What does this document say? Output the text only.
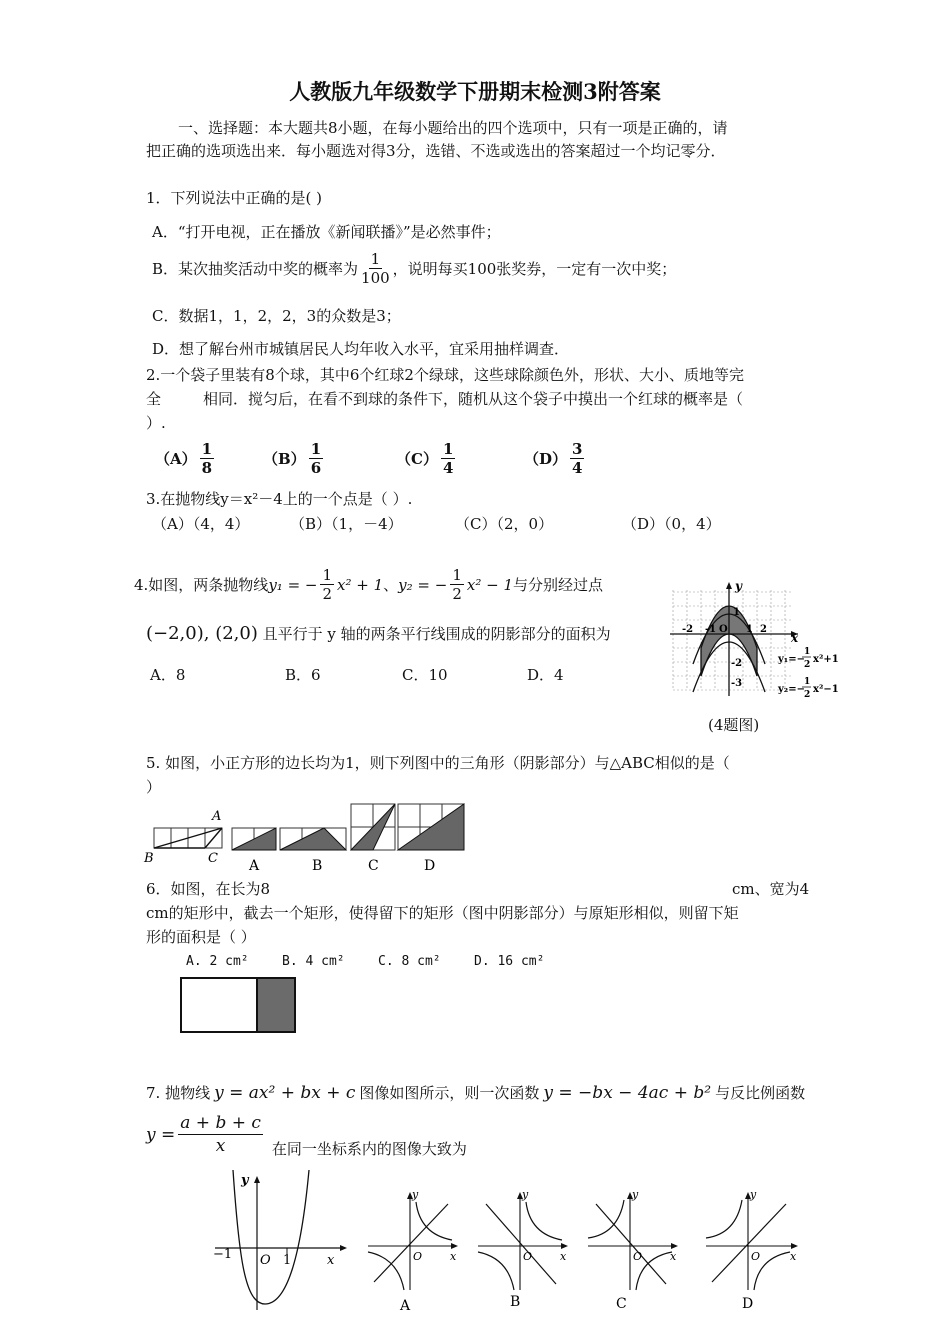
人教版九年级数学下册期末检测3附答案
一、选择题：本大题共8小题，在每小题给出的四个选项中，只有一项是正确的，请
把正确的选项选出来．每小题选对得3分，选错、不选或选出的答案超过一个均记零分．
1．下列说法中正确的是( )
A．“打开电视，正在播放《新闻联播》”是必然事件；
B．某次抽奖活动中奖的概率为 $\frac{1}{100}$ ，说明每买100张奖券，一定有一次中奖；
C．数据1，1，2，2，3的众数是3；
D．想了解台州市城镇居民人均年收入水平，宜采用抽样调查．
2.一个袋子里装有8个球，其中6个红球2个绿球，这些球除颜色外，形状、大小、质地等完
全	相同．搅匀后，在看不到球的条件下，随机从这个袋子中摸出一个红球的概率是（
）.
$(A) \frac{1}{8}$	$(B) \frac{1}{6}$	$(C) \frac{1}{4}$	$(D) \frac{3}{4}$
3.在抛物线y＝x²－4上的一个点是（ ）.
（A）（4，4）	（B）（1，－4）	（C）（2，0）	（D）（0，4）
4.如图，两条抛物线 y₁ = − $\frac{1}{2} x^2 + 1$ 、 y₂ = − $\frac{1}{2} x^2 - 1$ 与分别经过点
(−2,0), (2,0) 且平行于 y 轴的两条平行线围成的阴影部分的面积为
A．8	B．6	C．10	D．4
-2 -1 O 1 2
1
-2
-3
x
y
y₁=−
1
2 x²+1
y₂=−
1
2 x²−1
(4题图)
5. 如图，小正方形的边长均为1，则下列图中的三角形（阴影部分）与△ABC相似的是（
）
A
B	C A	B	C	D
6．如图，在长为8	cm、宽为4
cm的矩形中，截去一个矩形，使得留下的矩形（图中阴影部分）与原矩形相似，则留下矩
形的面积是（ ）
A. 2 cm²	B. 4 cm²	C. 8 cm²	D. 16 cm²
7. 抛物线 y = ax² + bx + c 图像如图所示，则一次函数 y = −bx − 4ac + b² 与反比例函数
$y = \frac{a + b + c}{x}$ 在同一坐标系内的图像大致为
y
x
O
−1	1
y
x
O
A
y
x
O
B
y
x
O
C
y
x
O
D
